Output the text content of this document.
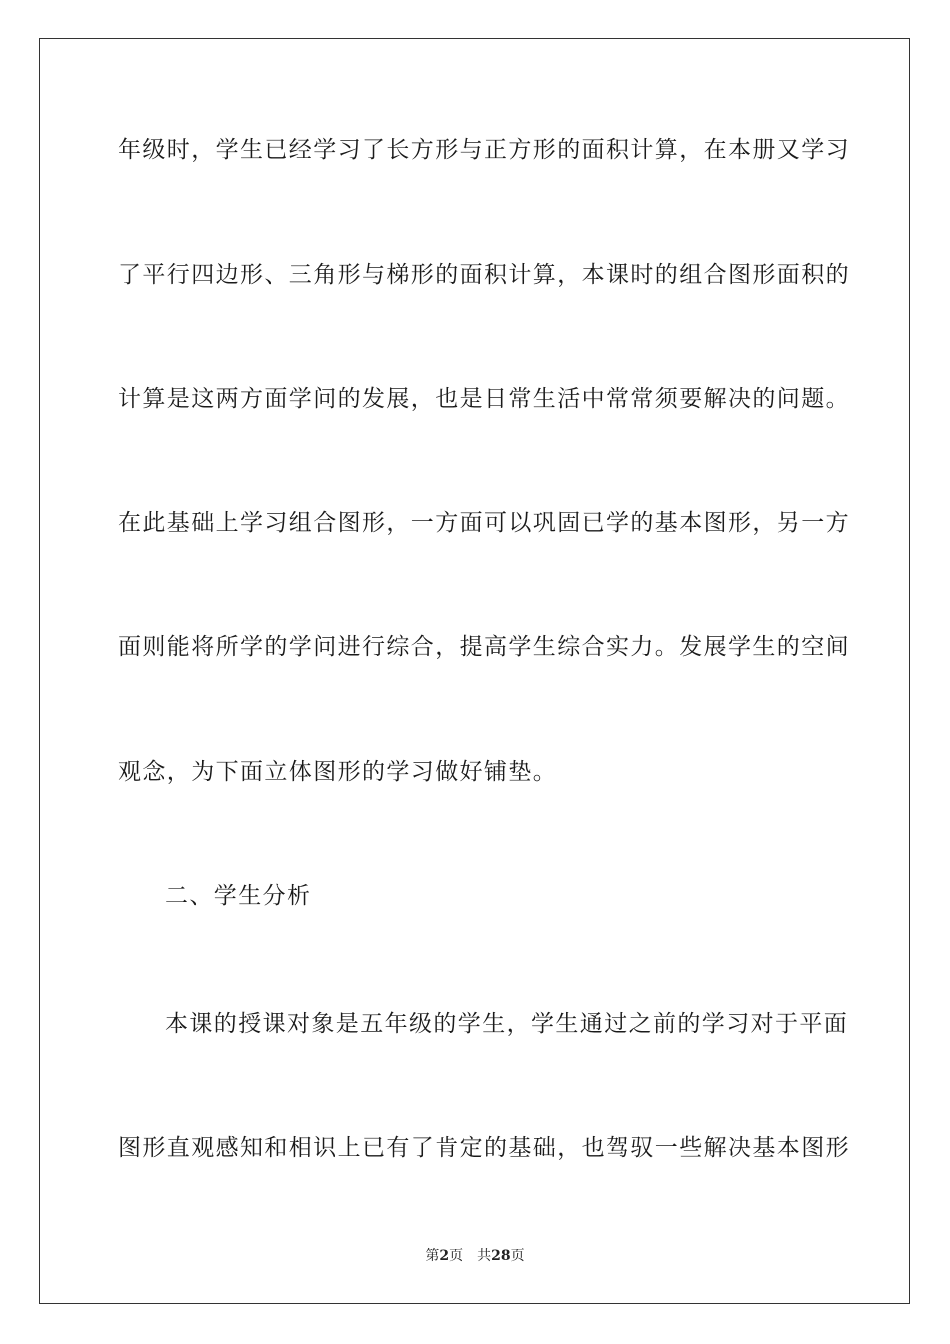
年级时，学生已经学习了长方形与正方形的面积计算，在本册又学习
了平行四边形、三角形与梯形的面积计算，本课时的组合图形面积的
计算是这两方面学问的发展，也是日常生活中常常须要解决的问题。
在此基础上学习组合图形，一方面可以巩固已学的基本图形，另一方
面则能将所学的学问进行综合，提高学生综合实力。发展学生的空间
观念，为下面立体图形的学习做好铺垫。
二、学生分析
本课的授课对象是五年级的学生，学生通过之前的学习对于平面
图形直观感知和相识上已有了肯定的基础，也驾驭一些解决基本图形
第2页 共28页
